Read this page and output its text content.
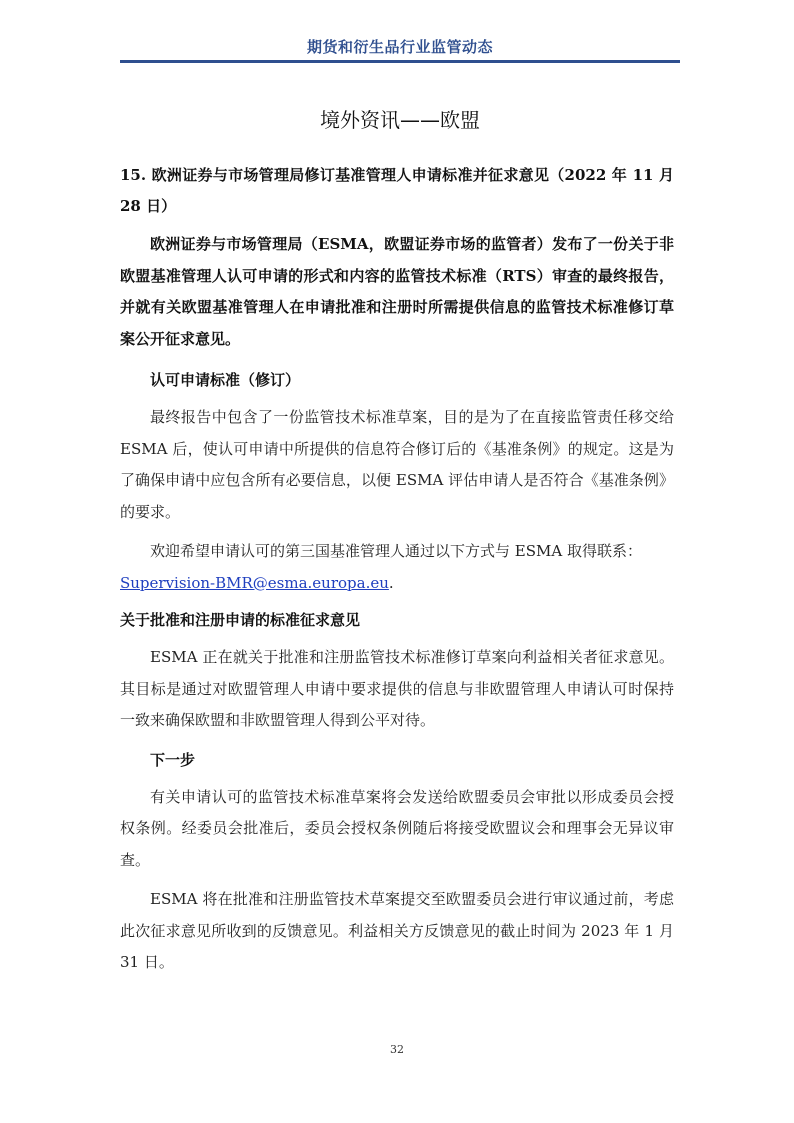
期货和衍生品行业监管动态
境外资讯——欧盟

15. 欧洲证券与市场管理局修订基准管理人申请标准并征求意见（2022 年 11 月 28 日）

欧洲证券与市场管理局（ESMA，欧盟证券市场的监管者）发布了一份关于非欧盟基准管理人认可申请的形式和内容的监管技术标准（RTS）审查的最终报告，并就有关欧盟基准管理人在申请批准和注册时所需提供信息的监管技术标准修订草案公开征求意见。

认可申请标准（修订）

最终报告中包含了一份监管技术标准草案，目的是为了在直接监管责任移交给 ESMA 后，使认可申请中所提供的信息符合修订后的《基准条例》的规定。这是为了确保申请中应包含所有必要信息，以便 ESMA 评估申请人是否符合《基准条例》的要求。

欢迎希望申请认可的第三国基准管理人通过以下方式与 ESMA 取得联系：

Supervision-BMR@esma.europa.eu.

关于批准和注册申请的标准征求意见

ESMA 正在就关于批准和注册监管技术标准修订草案向利益相关者征求意见。其目标是通过对欧盟管理人申请中要求提供的信息与非欧盟管理人申请认可时保持一致来确保欧盟和非欧盟管理人得到公平对待。

下一步

有关申请认可的监管技术标准草案将会发送给欧盟委员会审批以形成委员会授权条例。经委员会批准后，委员会授权条例随后将接受欧盟议会和理事会无异议审查。

ESMA 将在批准和注册监管技术草案提交至欧盟委员会进行审议通过前，考虑此次征求意见所收到的反馈意见。利益相关方反馈意见的截止时间为 2023 年 1 月 31 日。

32
